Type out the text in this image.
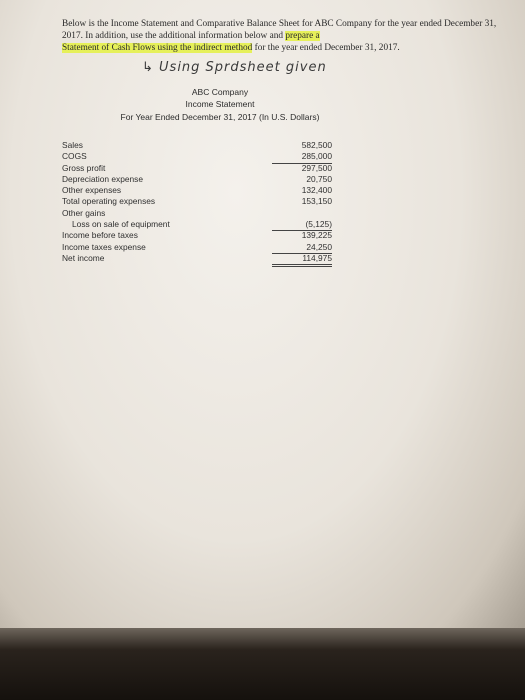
Below is the Income Statement and Comparative Balance Sheet for ABC Company for the year ended December 31, 2017. In addition, use the additional information below and prepare a
Statement of Cash Flows using the indirect method for the year ended December 31, 2017.

↳ Using Sprdsheet given
ABC Company
Income Statement
For Year Ended December 31, 2017 (In U.S. Dollars)
Sales	582,500
COGS	285,000
Gross profit	297,500
Depreciation expense	20,750
Other expenses	132,400
Total operating expenses	153,150
Other gains
Loss on sale of equipment	(5,125)
Income before taxes	139,225
Income taxes expense	24,250
Net income	114,975
